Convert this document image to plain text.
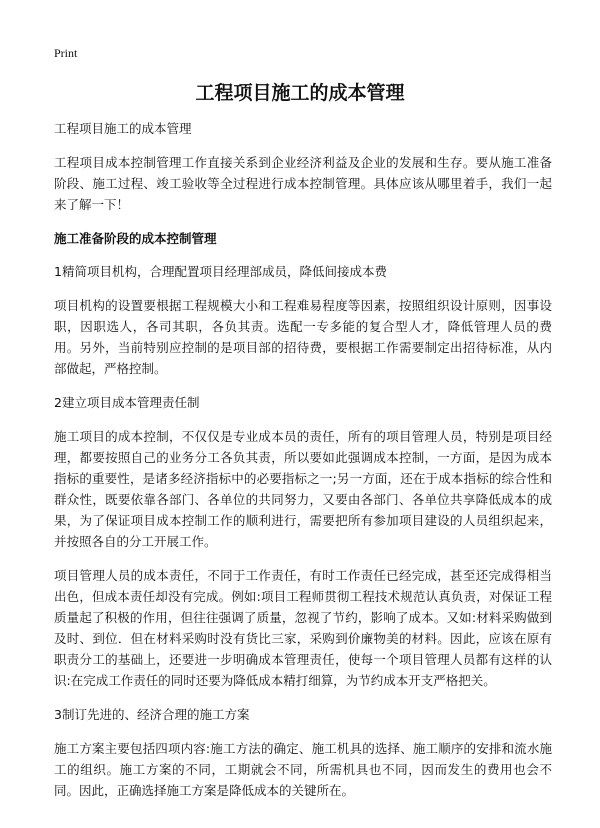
Print
工程项目施工的成本管理

工程项目施工的成本管理

工程项目成本控制管理工作直接关系到企业经济利益及企业的发展和生存。要从施工准备阶段、施工过程、竣工验收等全过程进行成本控制管理。具体应该从哪里着手，我们一起来了解一下！

施工准备阶段的成本控制管理

1精简项目机构，合理配置项目经理部成员，降低间接成本费

项目机构的设置要根据工程规模大小和工程难易程度等因素，按照组织设计原则，因事设职，因职选人，各司其职，各负其责。选配一专多能的复合型人才，降低管理人员的费用。另外，当前特别应控制的是项目部的招待费，要根据工作需要制定出招待标准，从内部做起，严格控制。

2建立项目成本管理责任制

施工项目的成本控制，不仅仅是专业成本员的责任，所有的项目管理人员，特别是项目经理，都要按照自己的业务分工各负其责，所以要如此强调成本控制，一方面，是因为成本指标的重要性，是诸多经济指标中的必要指标之一;另一方面，还在于成本指标的综合性和群众性，既要依靠各部门、各单位的共同努力，又要由各部门、各单位共享降低成本的成果，为了保证项目成本控制工作的顺利进行，需要把所有参加项目建设的人员组织起来，并按照各自的分工开展工作。

项目管理人员的成本责任，不同于工作责任，有时工作责任已经完成，甚至还完成得相当出色，但成本责任却没有完成。例如:项目工程师贯彻工程技术规范认真负责，对保证工程质量起了积极的作用，但往往强调了质量，忽视了节约，影响了成本。又如:材料采购做到及时、到位．但在材料采购时没有货比三家，采购到价廉物美的材料。因此，应该在原有职责分工的基础上，还要进一步明确成本管理责任，使每一个项目管理人员都有这样的认识:在完成工作责任的同时还要为降低成本精打细算，为节约成本开支严格把关。

3制订先进的、经济合理的施工方案

施工方案主要包括四项内容:施工方法的确定、施工机具的选择、施工顺序的安排和流水施工的组织。施工方案的不同，工期就会不同，所需机具也不同，因而发生的费用也会不同。因此，正确选择施工方案是降低成本的关键所在。
